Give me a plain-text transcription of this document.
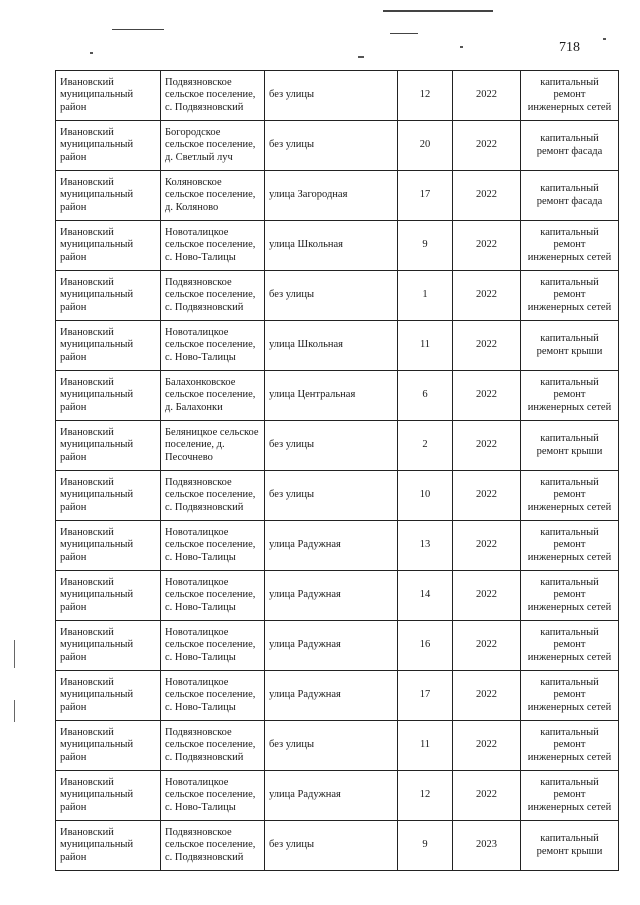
718
Ивановский муниципальный район	Подвязновское сельское поселение, с. Подвязновский	без улицы	12	2022	капитальный ремонт инженерных сетей
Ивановский муниципальный район	Богородское сельское поселение, д. Светлый луч	без улицы	20	2022	капитальный ремонт фасада
Ивановский муниципальный район	Коляновское сельское поселение, д. Коляново	улица Загородная	17	2022	капитальный ремонт фасада
Ивановский муниципальный район	Новоталицкое сельское поселение, с. Ново-Талицы	улица Школьная	9	2022	капитальный ремонт инженерных сетей
Ивановский муниципальный район	Подвязновское сельское поселение, с. Подвязновский	без улицы	1	2022	капитальный ремонт инженерных сетей
Ивановский муниципальный район	Новоталицкое сельское поселение, с. Ново-Талицы	улица Школьная	11	2022	капитальный ремонт крыши
Ивановский муниципальный район	Балахонковское сельское поселение, д. Балахонки	улица Центральная	6	2022	капитальный ремонт инженерных сетей
Ивановский муниципальный район	Беляницкое сельское поселение, д. Песочнево	без улицы	2	2022	капитальный ремонт крыши
Ивановский муниципальный район	Подвязновское сельское поселение, с. Подвязновский	без улицы	10	2022	капитальный ремонт инженерных сетей
Ивановский муниципальный район	Новоталицкое сельское поселение, с. Ново-Талицы	улица Радужная	13	2022	капитальный ремонт инженерных сетей
Ивановский муниципальный район	Новоталицкое сельское поселение, с. Ново-Талицы	улица Радужная	14	2022	капитальный ремонт инженерных сетей
Ивановский муниципальный район	Новоталицкое сельское поселение, с. Ново-Талицы	улица Радужная	16	2022	капитальный ремонт инженерных сетей
Ивановский муниципальный район	Новоталицкое сельское поселение, с. Ново-Талицы	улица Радужная	17	2022	капитальный ремонт инженерных сетей
Ивановский муниципальный район	Подвязновское сельское поселение, с. Подвязновский	без улицы	11	2022	капитальный ремонт инженерных сетей
Ивановский муниципальный район	Новоталицкое сельское поселение, с. Ново-Талицы	улица Радужная	12	2022	капитальный ремонт инженерных сетей
Ивановский муниципальный район	Подвязновское сельское поселение, с. Подвязновский	без улицы	9	2023	капитальный ремонт крыши
